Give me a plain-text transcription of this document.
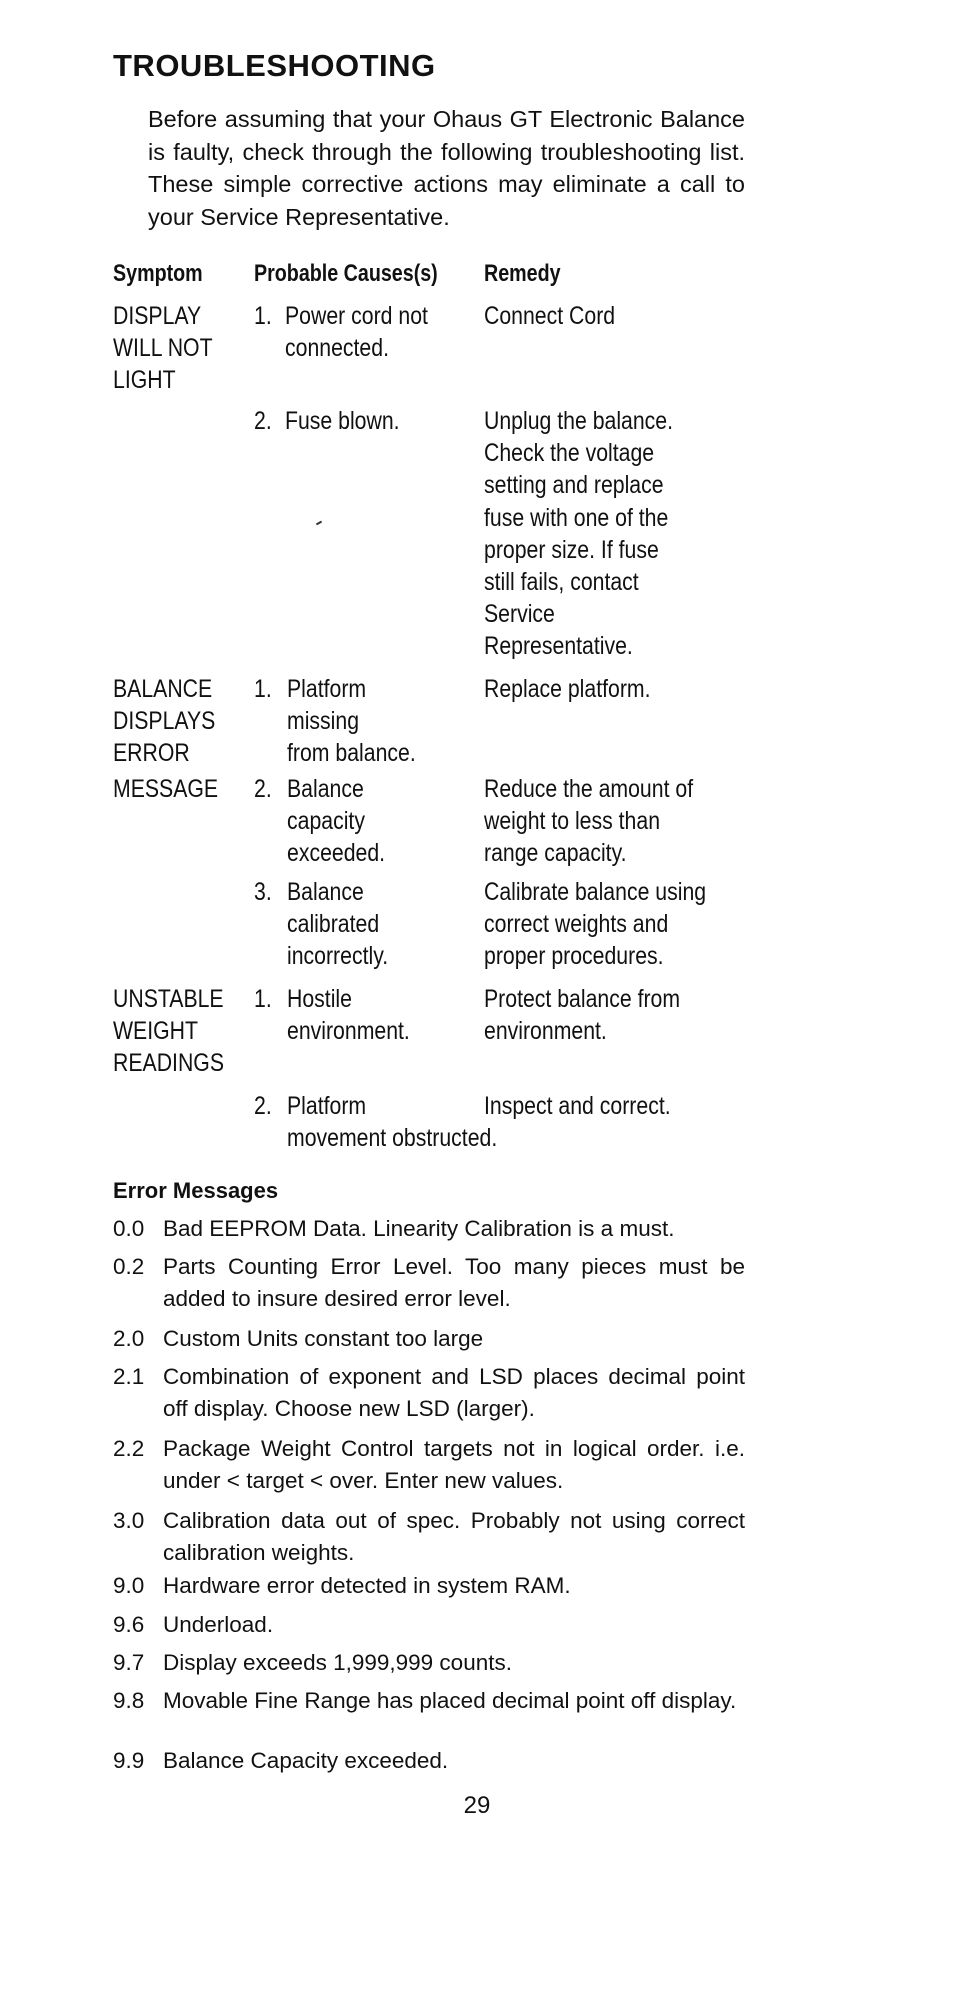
TROUBLESHOOTING
Before assuming that your Ohaus GT Electronic Balance is faulty, check through the following troubleshooting list. These simple corrective actions may eliminate a call to your Service Representative.
Symptom Probable Causes(s) Remedy
DISPLAY
WILL NOT
LIGHT
1. Power cord not
connected.
Connect Cord
2. Fuse blown.	Unplug the balance.
Check the voltage
setting and replace
fuse with one of the
proper size. If fuse
still fails, contact
Service
Representative.
BALANCE
DISPLAYS
ERROR
1. Platform
missing
from balance.
Replace platform.
MESSAGE 2. Balance
capacity
exceeded.
Reduce the amount of
weight to less than
range capacity.
3. Balance
calibrated
incorrectly.
Calibrate balance using
correct weights and
proper procedures.
UNSTABLE
WEIGHT
READINGS
1. Hostile
environment.
Protect balance from
environment.
2. Platform
movement obstructed.
Inspect and correct.
Error Messages
0.0 Bad EEPROM Data. Linearity Calibration is a must.
0.2 Parts Counting Error Level. Too many pieces must be added to insure desired error level.
2.0 Custom Units constant too large
2.1 Combination of exponent and LSD places decimal point off display. Choose new LSD (larger).
2.2 Package Weight Control targets not in logical order. i.e. under < target < over. Enter new values.
3.0 Calibration data out of spec. Probably not using correct calibration weights.
9.0 Hardware error detected in system RAM.
9.6 Underload.
9.7 Display exceeds 1,999,999 counts.
9.8 Movable Fine Range has placed decimal point off display.
9.9 Balance Capacity exceeded.
29
